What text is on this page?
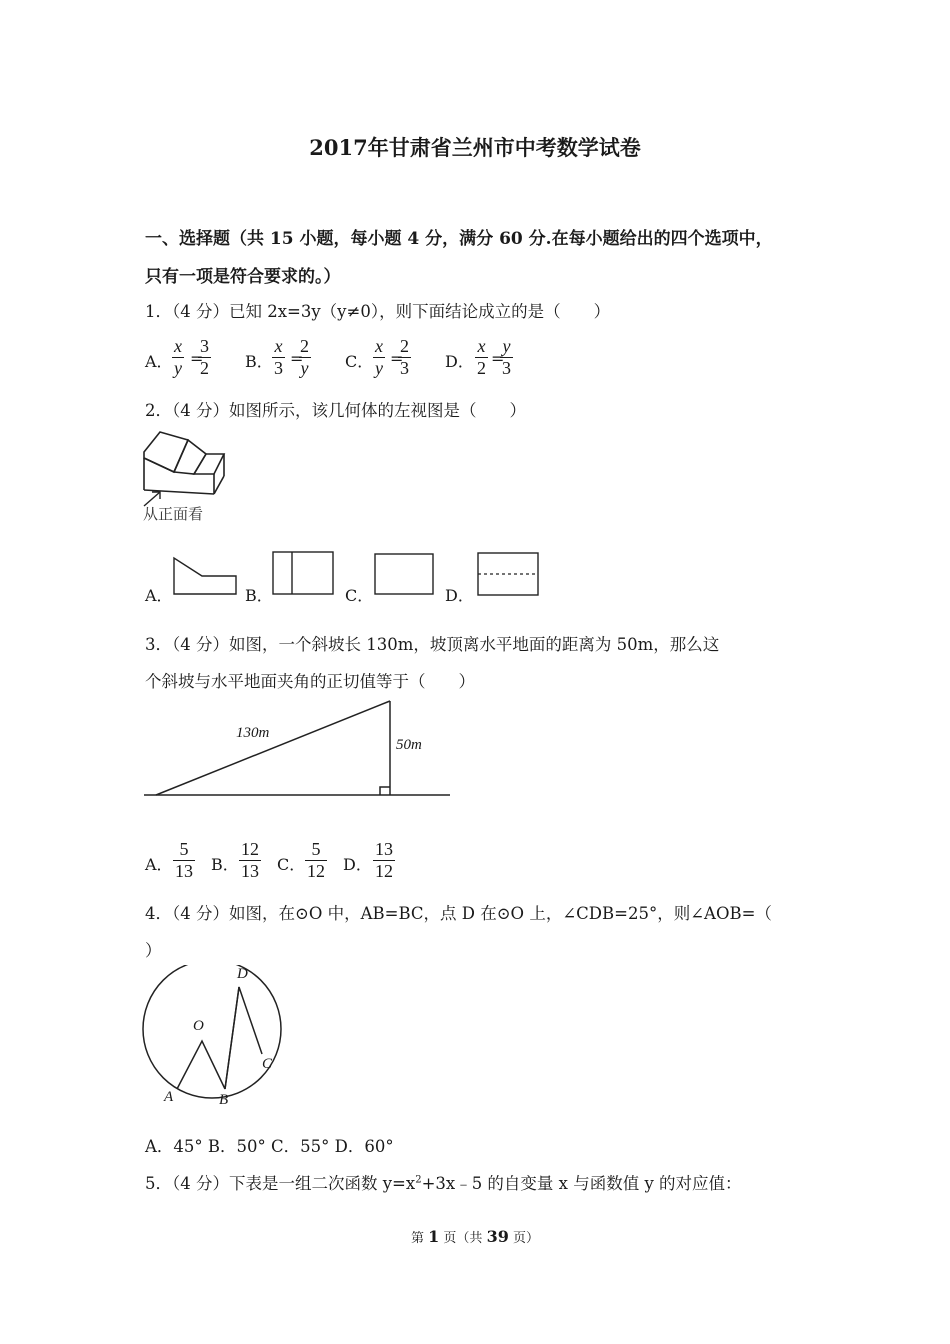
2017年甘肃省兰州市中考数学试卷
一、选择题（共 15 小题，每小题 4 分，满分 60 分.在每小题给出的四个选项中，
只有一项是符合要求的。）
1．（4 分）已知 2x=3y（y≠0），则下面结论成立的是（　　）
A． $\frac{x}{y}$ =
$\frac{3}{2}$ B． $\frac{x}{3}$ =
$\frac{2}{y}$ C． $\frac{x}{y}$ =
$\frac{2}{3}$ D． $\frac{x}{2}$ =
$\frac{y}{3}$
2．（4 分）如图所示，该几何体的左视图是（　　）
从正面看
A．	B．	C．	D．
3．（4 分）如图，一个斜坡长 130m，坡顶离水平地面的距离为 50m，那么这
个斜坡与水平地面夹角的正切值等于（　　）
130m
50m
A． $\frac{5}{13}$ B． $\frac{12}{13}$ C． $\frac{5}{12}$ D． $\frac{13}{12}$
4．（4 分）如图，在⊙O 中，AB=BC，点 D 在⊙O 上，∠CDB=25°，则∠AOB=（
）
O
A	B
C
D
A．45° B．50° C．55° D．60°
5．（4 分）下表是一组二次函数 $y=x^2+3x﹣5$ 的自变量 x 与函数值 y 的对应值：
第 1 页（共 39 页）
